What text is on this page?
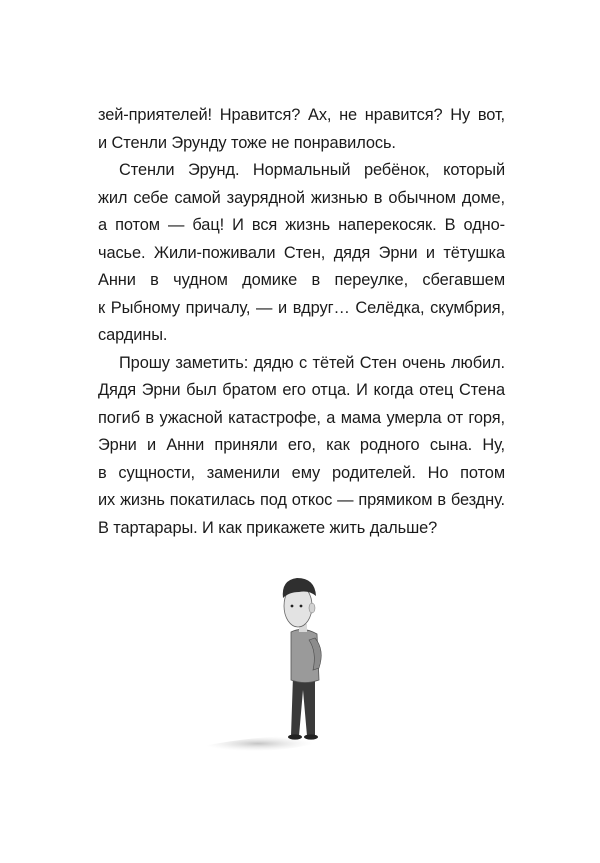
зей-приятелей! Нравится? Ах, не нравится? Ну вот,
и Стенли Эрунду тоже не понравилось.
Стенли Эрунд. Нормальный ребёнок, который
жил себе самой заурядной жизнью в обычном доме,
а потом — бац! И вся жизнь наперекосяк. В одно-
часье. Жили-поживали Стен, дядя Эрни и тётушка
Анни в чудном домике в переулке, сбегавшем
к Рыбному причалу, — и вдруг… Селёдка, скумбрия,
сардины.
Прошу заметить: дядю с тётей Стен очень любил.
Дядя Эрни был братом его отца. И когда отец Стена
погиб в ужасной катастрофе, а мама умерла от горя,
Эрни и Анни приняли его, как родного сына. Ну,
в сущности, заменили ему родителей. Но потом
их жизнь покатилась под откос — прямиком в бездну.
В тартарары. И как прикажете жить дальше?
